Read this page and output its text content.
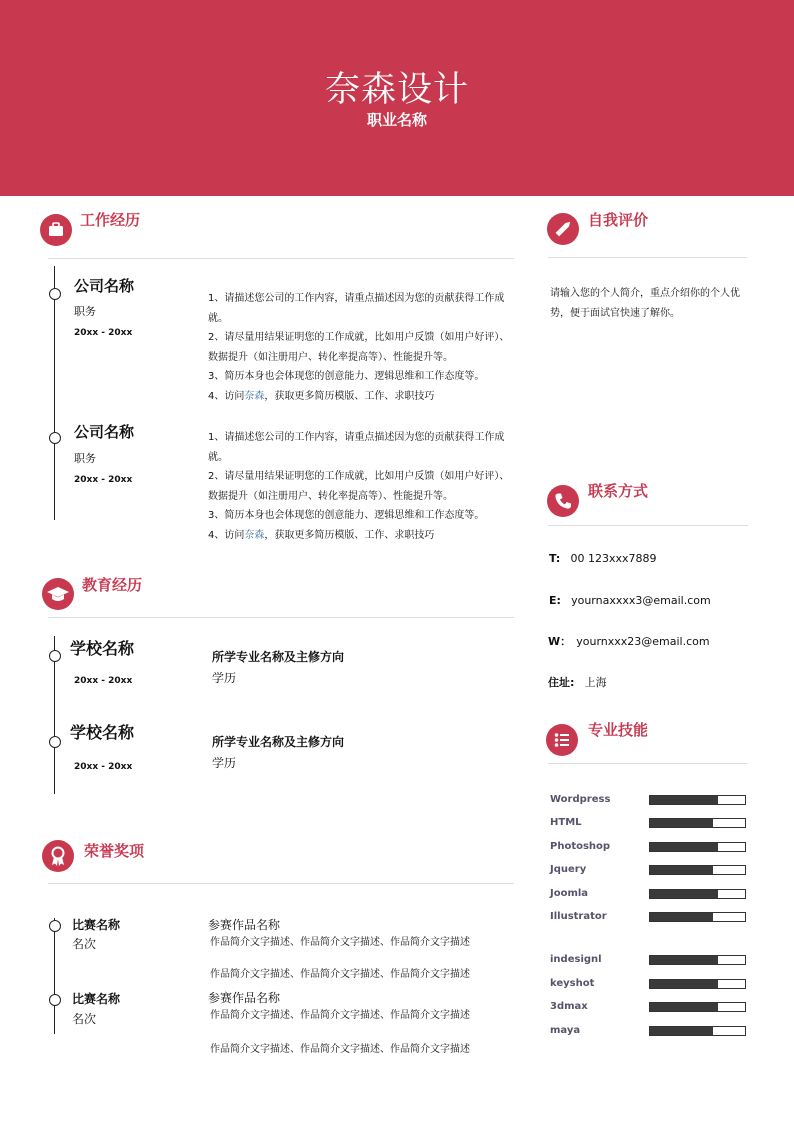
奈森设计
职业名称
工作经历
公司名称
职务
20xx - 20xx

1、请描述您公司的工作内容，请重点描述因为您的贡献获得工作成就。

2、请尽量用结果证明您的工作成就，比如用户反馈（如用户好评）、数据提升（如注册用户、转化率提高等）、性能提升等。

3、简历本身也会体现您的创意能力、逻辑思维和工作态度等。

4、访问奈森，获取更多简历模版、工作、求职技巧

公司名称
职务
20xx - 20xx

1、请描述您公司的工作内容，请重点描述因为您的贡献获得工作成就。

2、请尽量用结果证明您的工作成就，比如用户反馈（如用户好评）、数据提升（如注册用户、转化率提高等）、性能提升等。

3、简历本身也会体现您的创意能力、逻辑思维和工作态度等。

4、访问奈森，获取更多简历模版、工作、求职技巧

教育经历
学校名称
20xx - 20xx
所学专业名称及主修方向
学历
学校名称
20xx - 20xx
所学专业名称及主修方向
学历
荣誉奖项
比赛名称
名次
参赛作品名称
作品简介文字描述、作品简介文字描述、作品简介文字描述
作品简介文字描述、作品简介文字描述、作品简介文字描述
比赛名称
名次
参赛作品名称
作品简介文字描述、作品简介文字描述、作品简介文字描述
作品简介文字描述、作品简介文字描述、作品简介文字描述
自我评价
请输入您的个人简介，重点介绍你的个人优势，便于面试官快速了解你。
联系方式
T: 00 123xxx7889
E: yournaxxxx3@email.com
W： yournxxx23@email.com
住址: 上海
专业技能
Wordpress
HTML
Photoshop
Jquery
Joomla
Illustrator
indesignl
keyshot
3dmax
maya
